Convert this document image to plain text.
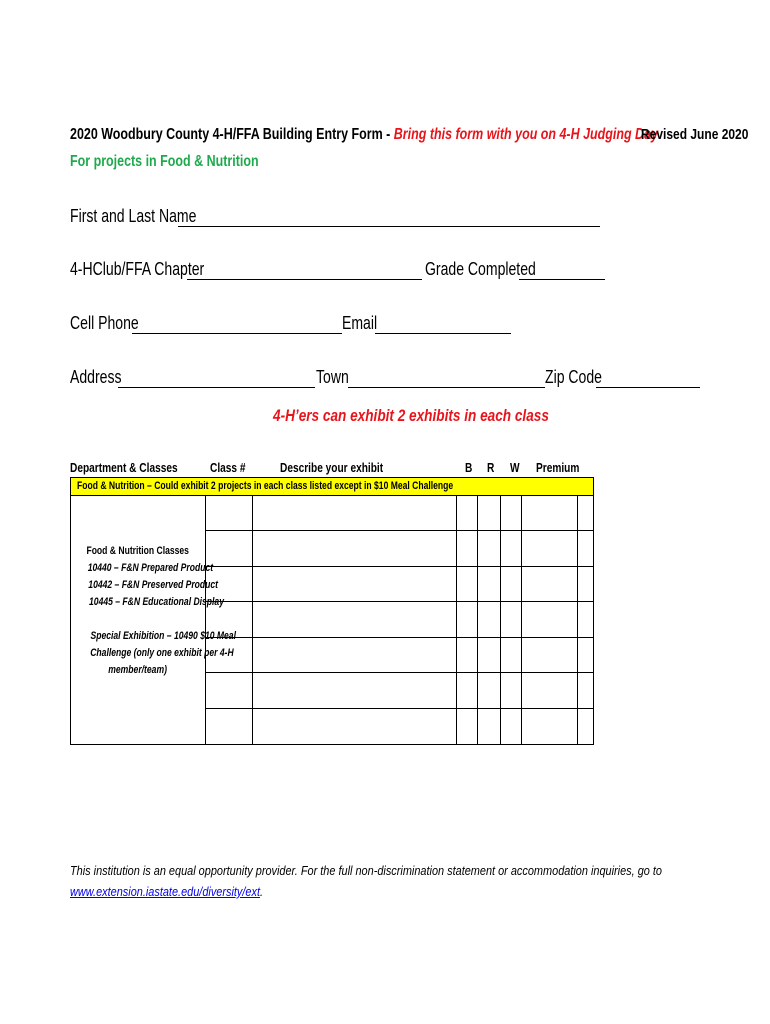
2020 Woodbury County 4-H/FFA Building Entry Form - Bring this form with you on 4-H Judging Day
Revised June 2020
For projects in Food & Nutrition
First and Last Name
4-HClub/FFA Chapter	Grade Completed
Cell Phone	Email
Address	Town	Zip Code
4-H’ers can exhibit 2 exhibits in each class
Department & Classes	Class #	Describe your exhibit	B R W Premium
Food & Nutrition – Could exhibit 2 projects in each class listed except in $10 Meal Challenge
Food & Nutrition Classes
10440 – F&N Prepared Product
10442 – F&N Preserved Product
10445 – F&N Educational Display
Special Exhibition – 10490 $10 Meal
Challenge (only one exhibit per 4-H
member/team)
This institution is an equal opportunity provider. For the full non-discrimination statement or accommodation inquiries, go to
www.extension.iastate.edu/diversity/ext.
